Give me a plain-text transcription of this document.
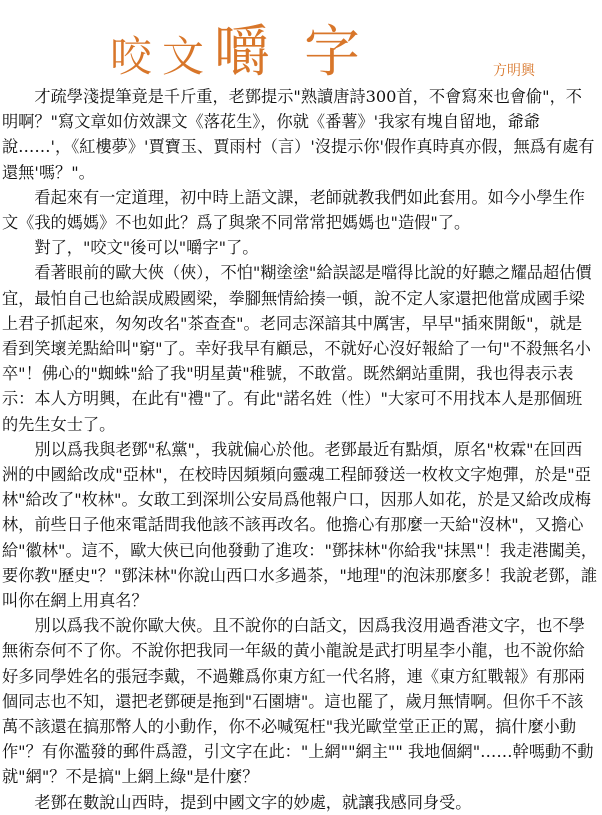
咬文嚼 字	方明興

才疏學淺提筆竟是千斤重，老鄧提示"熟讀唐詩300首，不會寫來也會偷"，不明啊？"寫文章如仿效課文《落花生》，你就《番薯》'我家有塊自留地，爺爺說……'，《紅樓夢》'賈寶玉、賈雨村（言）'沒提示你'假作真時真亦假，無爲有處有還無'嗎？"。

看起來有一定道理，初中時上語文課，老師就教我們如此套用。如今小學生作文《我的媽媽》不也如此？爲了與衆不同常常把媽媽也"造假"了。

對了，"咬文"後可以"嚼字"了。

看著眼前的歐大俠（俠），不怕"糊塗塗"給誤認是噹得比說的好聽之耀品超估價宜，最怕自己也給誤成殿國梁，拳腳無情給揍一頓，說不定人家還把他當成國手梁上君子抓起來，匆匆改名"茶查查"。老同志深諳其中厲害，早早"插來開飯"，就是看到笑壞羌點給叫"窮"了。幸好我早有顧忌，不就好心沒好報給了一句"不殺無名小卒"！佛心的"蜘蛛"給了我"明星黃"稚號，不敢當。既然網站重開，我也得表示表示：本人方明興，在此有"禮"了。有此"諾名姓（性）"大家可不用找本人是那個班的先生女士了。

別以爲我與老鄧"私黨"，我就偏心於他。老鄧最近有點煩，原名"枚霖"在回西洲的中國給改成"亞林"，在校時因頻頻向靈魂工程師發送一枚枚文字炮彈，於是"亞林"給改了"枚林"。女敢工到深圳公安局爲他報户口，因那人如花，於是又給改成梅林，前些日子他來電話問我他該不該再改名。他擔心有那麼一天給"沒林"，又擔心給"徽林"。這不，歐大俠已向他發動了進攻："鄧抹林"你給我"抹黑"！我走港闖美，要你教"歷史"？"鄧沫林"你說山西口水多過茶，"地理"的泡沫那麼多！我說老鄧，誰叫你在網上用真名？

別以爲我不說你歐大俠。且不說你的白話文，因爲我沒用過香港文字，也不學無術奈何不了你。不說你把我同一年級的黃小龍說是武打明星李小龍，也不說你給好多同學姓名的張冠李戴，不過難爲你東方紅一代名將，連《東方紅戰報》有那兩個同志也不知，還把老鄧硬是拖到"石園塘"。這也罷了，歲月無情啊。但你千不該萬不該還在搞那幣人的小動作，你不必喊冤枉"我光歐堂堂正正的罵，搞什麼小動作"？有你濫發的郵件爲證，引文字在此："上網""網主"" 我地個網"……幹嗎動不動就"網"？不是搞"上網上綠"是什麼？

老鄧在數說山西時，提到中國文字的妙處，就讓我感同身受。
